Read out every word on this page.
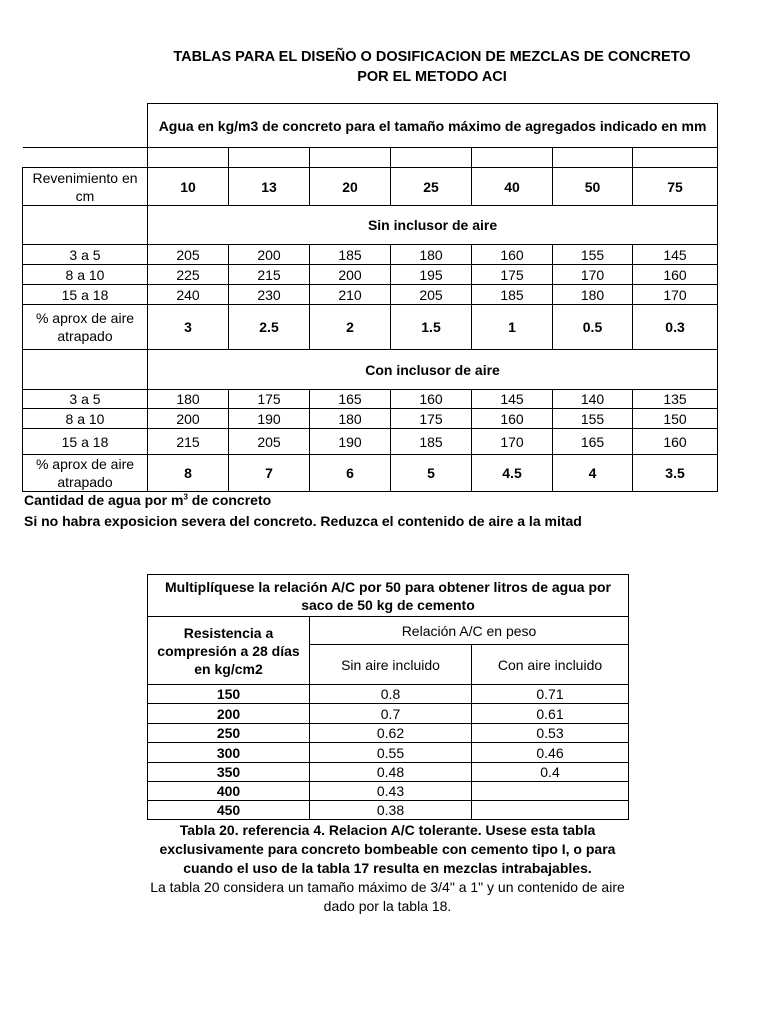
TABLAS PARA EL DISEÑO O DOSIFICACION DE MEZCLAS DE CONCRETO
POR EL METODO ACI
	Agua en kg/m3 de concreto para el tamaño máximo de agregados indicado en mm						

Revenimiento en cm	10	13	20	25	40	50	75
	Sin inclusor de aire						
3 a 5	205	200	185	180	160	155	145
8 a 10	225	215	200	195	175	170	160
15 a 18	240	230	210	205	185	180	170
% aprox de aire atrapado	3	2.5	2	1.5	1	0.5	0.3
	Con inclusor de aire						
3 a 5	180	175	165	160	145	140	135
8 a 10	200	190	180	175	160	155	150
15 a 18	215	205	190	185	170	165	160
% aprox de aire atrapado	8	7	6	5	4.5	4	3.5
Cantidad de agua por $m^3$ de concreto
Si no habra exposicion severa del concreto. Reduzca el contenido de aire a la mitad
Multiplíquese la relación A/C por 50 para obtener litros de agua por saco de 50 kg de cemento		
Resistencia a compresión a 28 días en kg/cm2	Relación A/C en peso	
	Sin aire incluido	Con aire incluido
150	0.8	0.71
200	0.7	0.61
250	0.62	0.53
300	0.55	0.46
350	0.48	0.4
400	0.43	
450	0.38	
Tabla 20. referencia 4. Relacion A/C tolerante. Usese esta tabla exclusivamente para concreto bombeable con cemento tipo I, o para cuando el uso de la tabla 17 resulta en mezclas intrabajables.
La tabla 20 considera un tamaño máximo de 3/4" a 1" y un contenido de aire dado por la tabla 18.
